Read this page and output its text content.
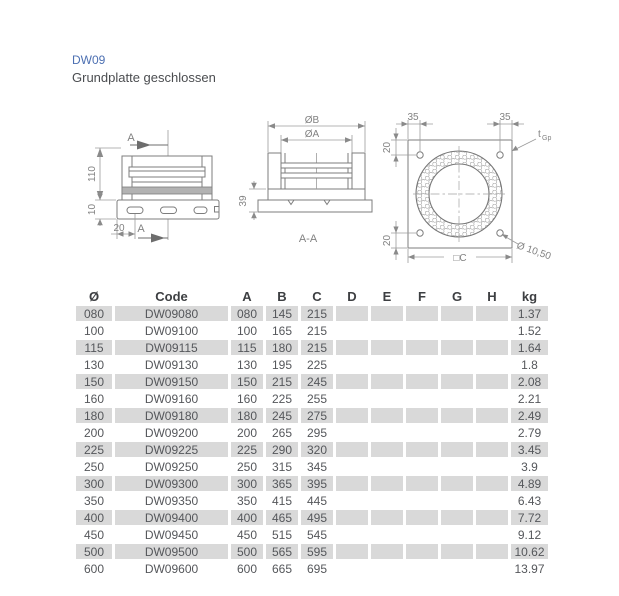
DW09
Grundplatte geschlossen
A
110
10
20 A
ØB
ØA
39
A-A
35	35
20
20
t Gp
Ø 10,50
□C
Ø	Code	A	B	C	D	E	F	G	H	kg
080	DW09080	080	145	215						1.37
100	DW09100	100	165	215						1.52
115	DW09115	115	180	215						1.64
130	DW09130	130	195	225						1.8
150	DW09150	150	215	245						2.08
160	DW09160	160	225	255						2.21
180	DW09180	180	245	275						2.49
200	DW09200	200	265	295						2.79
225	DW09225	225	290	320						3.45
250	DW09250	250	315	345						3.9
300	DW09300	300	365	395						4.89
350	DW09350	350	415	445						6.43
400	DW09400	400	465	495						7.72
450	DW09450	450	515	545						9.12
500	DW09500	500	565	595						10.62
600	DW09600	600	665	695						13.97
